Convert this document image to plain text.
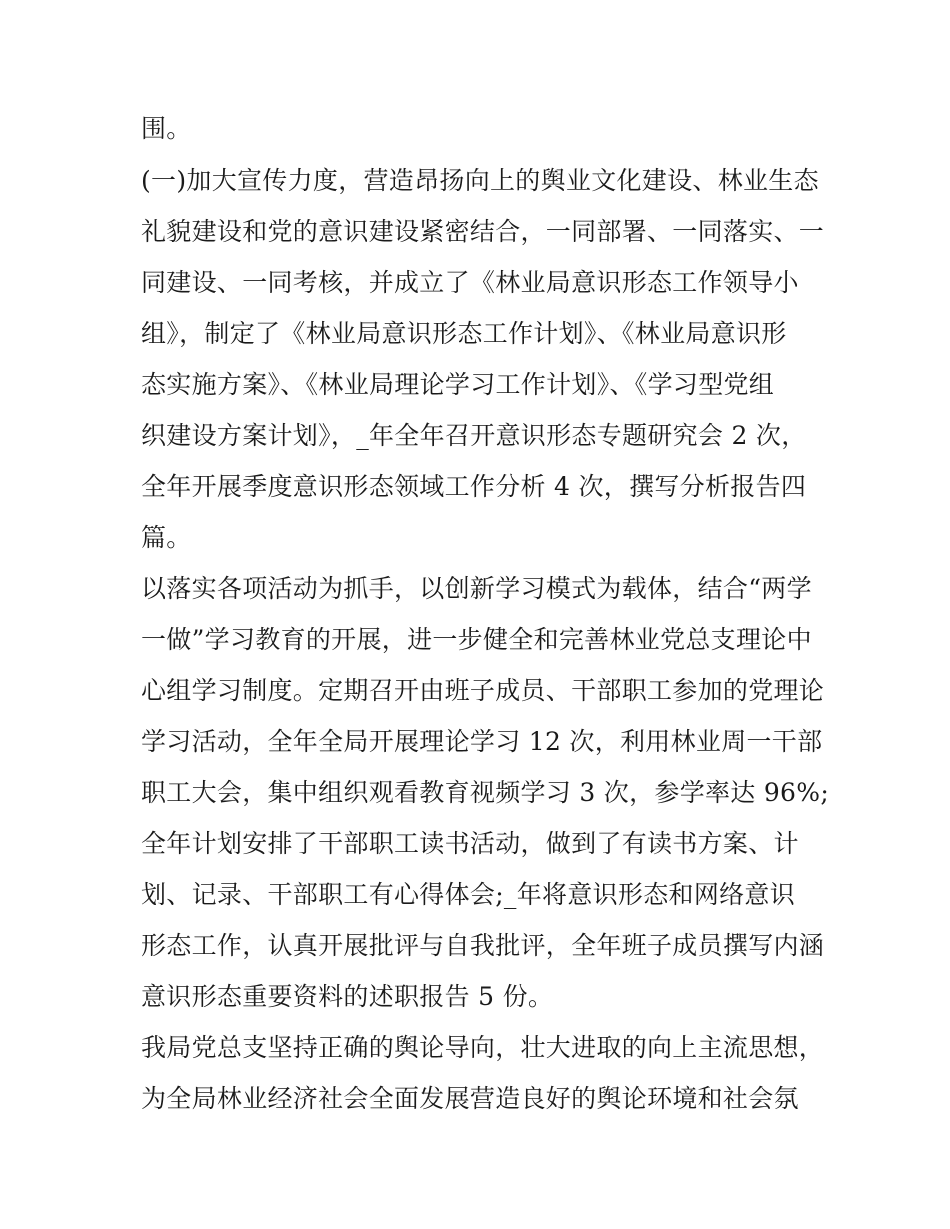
围。
(一)加大宣传力度，营造昂扬向上的舆业文化建设、林业生态
礼貌建设和党的意识建设紧密结合，一同部署、一同落实、一
同建设、一同考核，并成立了《林业局意识形态工作领导小
组》，制定了《林业局意识形态工作计划》、《林业局意识形
态实施方案》、《林业局理论学习工作计划》、《学习型党组
织建设方案计划》，_年全年召开意识形态专题研究会 2 次，
全年开展季度意识形态领域工作分析 4 次，撰写分析报告四
篇。
以落实各项活动为抓手，以创新学习模式为载体，结合“两学
一做”学习教育的开展，进一步健全和完善林业党总支理论中
心组学习制度。定期召开由班子成员、干部职工参加的党理论
学习活动，全年全局开展理论学习 12 次，利用林业周一干部
职工大会，集中组织观看教育视频学习 3 次，参学率达 96%;
全年计划安排了干部职工读书活动，做到了有读书方案、计
划、记录、干部职工有心得体会;_年将意识形态和网络意识
形态工作，认真开展批评与自我批评，全年班子成员撰写内涵
意识形态重要资料的述职报告 5 份。
我局党总支坚持正确的舆论导向，壮大进取的向上主流思想，
为全局林业经济社会全面发展营造良好的舆论环境和社会氛
